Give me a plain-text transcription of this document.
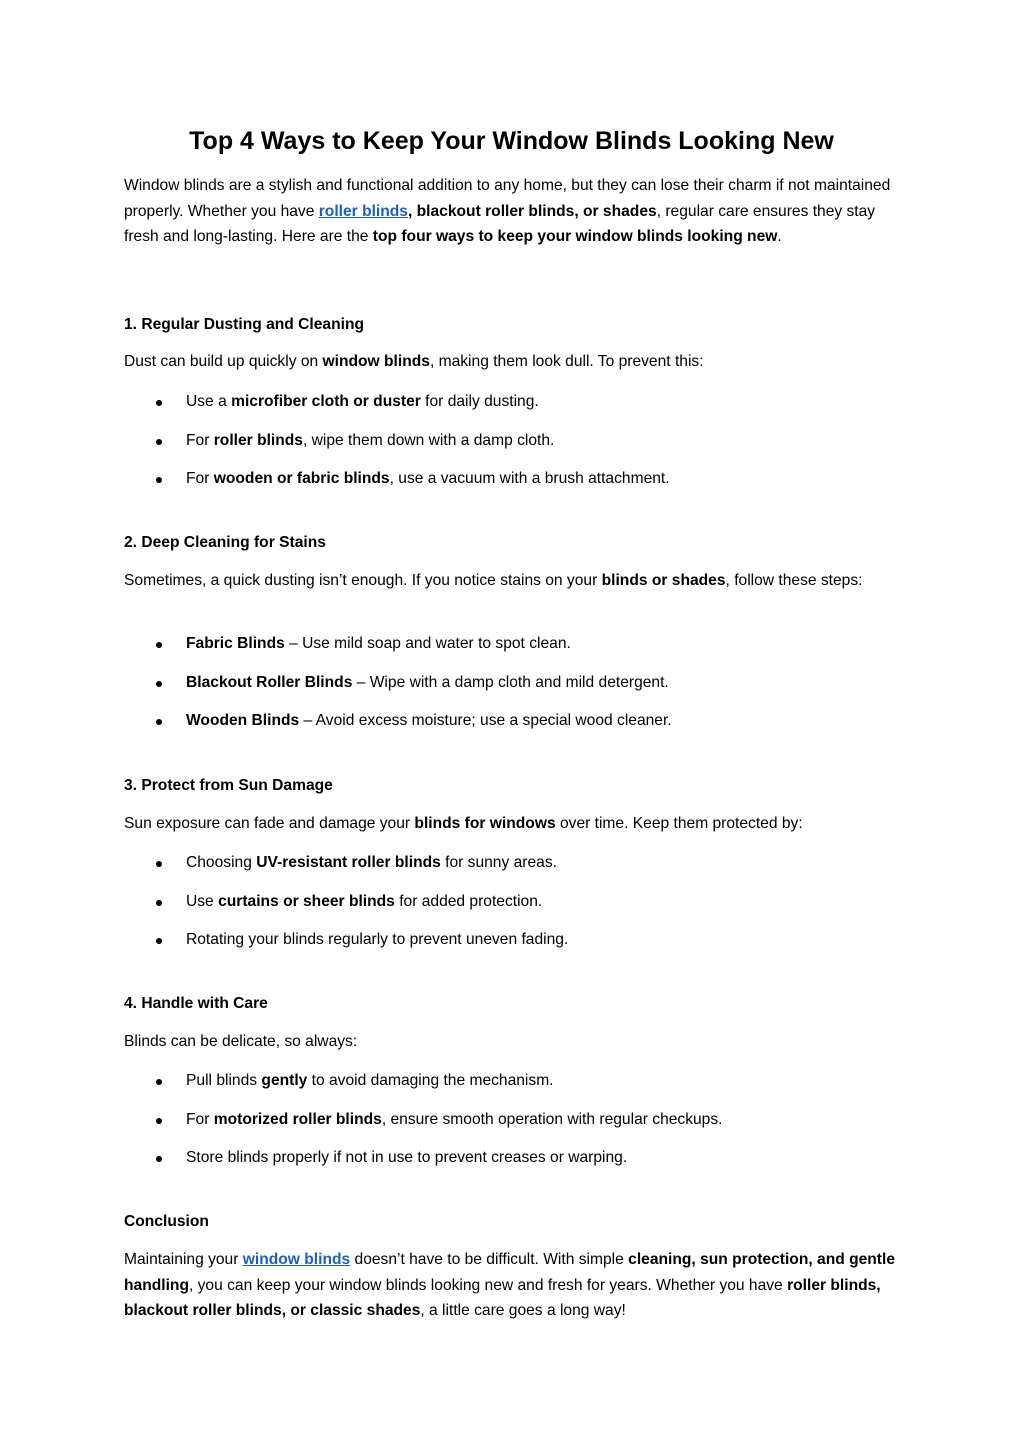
Top 4 Ways to Keep Your Window Blinds Looking New
Window blinds are a stylish and functional addition to any home, but they can lose their charm if not maintained properly. Whether you have roller blinds, blackout roller blinds, or shades, regular care ensures they stay fresh and long-lasting. Here are the top four ways to keep your window blinds looking new.
1. Regular Dusting and Cleaning
Dust can build up quickly on window blinds, making them look dull. To prevent this:
Use a microfiber cloth or duster for daily dusting.
For roller blinds, wipe them down with a damp cloth.
For wooden or fabric blinds, use a vacuum with a brush attachment.
2. Deep Cleaning for Stains
Sometimes, a quick dusting isn’t enough. If you notice stains on your blinds or shades, follow these steps:
Fabric Blinds – Use mild soap and water to spot clean.
Blackout Roller Blinds – Wipe with a damp cloth and mild detergent.
Wooden Blinds – Avoid excess moisture; use a special wood cleaner.
3. Protect from Sun Damage
Sun exposure can fade and damage your blinds for windows over time. Keep them protected by:
Choosing UV-resistant roller blinds for sunny areas.
Use curtains or sheer blinds for added protection.
Rotating your blinds regularly to prevent uneven fading.
4. Handle with Care
Blinds can be delicate, so always:
Pull blinds gently to avoid damaging the mechanism.
For motorized roller blinds, ensure smooth operation with regular checkups.
Store blinds properly if not in use to prevent creases or warping.
Conclusion
Maintaining your window blinds doesn’t have to be difficult. With simple cleaning, sun protection, and gentle handling, you can keep your window blinds looking new and fresh for years. Whether you have roller blinds, blackout roller blinds, or classic shades, a little care goes a long way!
